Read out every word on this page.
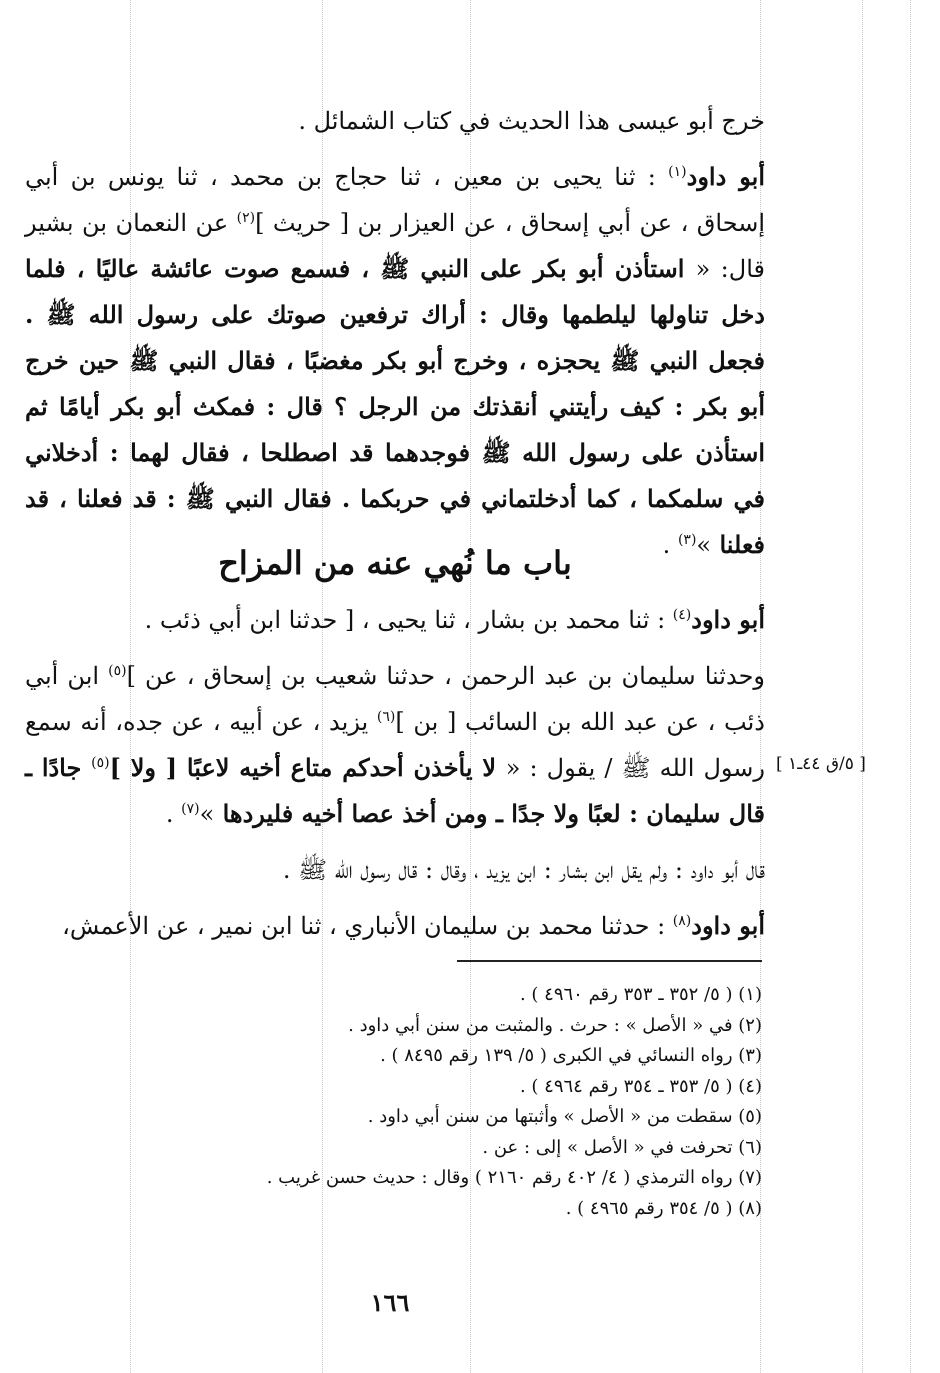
خرج أبو عيسى هذا الحديث في كتاب الشمائل .

أبو داود$^{(١)}$ : ثنا يحيى بن معين ، ثنا حجاج بن محمد ، ثنا يونس بن أبي إسحاق ، عن أبي إسحاق ، عن العيزار بن [ حريث ]$^{(٢)}$ عن النعمان بن بشير قال: « استأذن أبو بكر على النبي ﷺ ، فسمع صوت عائشة عاليًا ، فلما دخل تناولها ليلطمها وقال : أراك ترفعين صوتك على رسول الله ﷺ . فجعل النبي ﷺ يحجزه ، وخرج أبو بكر مغضبًا ، فقال النبي ﷺ حين خرج أبو بكر : كيف رأيتني أنقذتك من الرجل ؟ قال : فمكث أبو بكر أيامًا ثم استأذن على رسول الله ﷺ فوجدهما قد اصطلحا ، فقال لهما : أدخلاني في سلمكما ، كما أدخلتماني في حربكما . فقال النبي ﷺ : قد فعلنا ، قد فعلنا »$^{(٣)}$ .

باب ما نُهي عنه من المزاح

أبو داود$^{(٤)}$ : ثنا محمد بن بشار ، ثنا يحيى ، [ حدثنا ابن أبي ذئب .

وحدثنا سليمان بن عبد الرحمن ، حدثنا شعيب بن إسحاق ، عن ]$^{(٥)}$ ابن أبي ذئب ، عن عبد الله بن السائب [ بن ]$^{(٦)}$ يزيد ، عن أبيه ، عن جده، أنه سمع رسول الله ﷺ / يقول : « لا يأخذن أحدكم متاع أخيه لاعبًا [ ولا ]$^{(٥)}$ جادًا ـ قال سليمان : لعبًا ولا جدًا ـ ومن أخذ عصا أخيه فليردها »$^{(٧)}$ .

قال أبو داود : ولم يقل ابن بشار : ابن يزيد ، وقال : قال رسول الله ﷺ .

أبو داود$^{(٨)}$ : حدثنا محمد بن سليمان الأنباري ، ثنا ابن نمير ، عن الأعمش،

[ ٥/ق ٤٤ـ١ ]
(١) ( ٥/ ٣٥٢ ـ ٣٥٣ رقم ٤٩٦٠ ) .
(٢) في « الأصل » : حرث . والمثبت من سنن أبي داود .
(٣) رواه النسائي في الكبرى ( ٥/ ١٣٩ رقم ٨٤٩٥ ) .
(٤) ( ٥/ ٣٥٣ ـ ٣٥٤ رقم ٤٩٦٤ ) .
(٥) سقطت من « الأصل » وأثبتها من سنن أبي داود .
(٦) تحرفت في « الأصل » إلى : عن .
(٧) رواه الترمذي ( ٤/ ٤٠٢ رقم ٢١٦٠ ) وقال : حديث حسن غريب .
(٨) ( ٥/ ٣٥٤ رقم ٤٩٦٥ ) .
١٦٦
